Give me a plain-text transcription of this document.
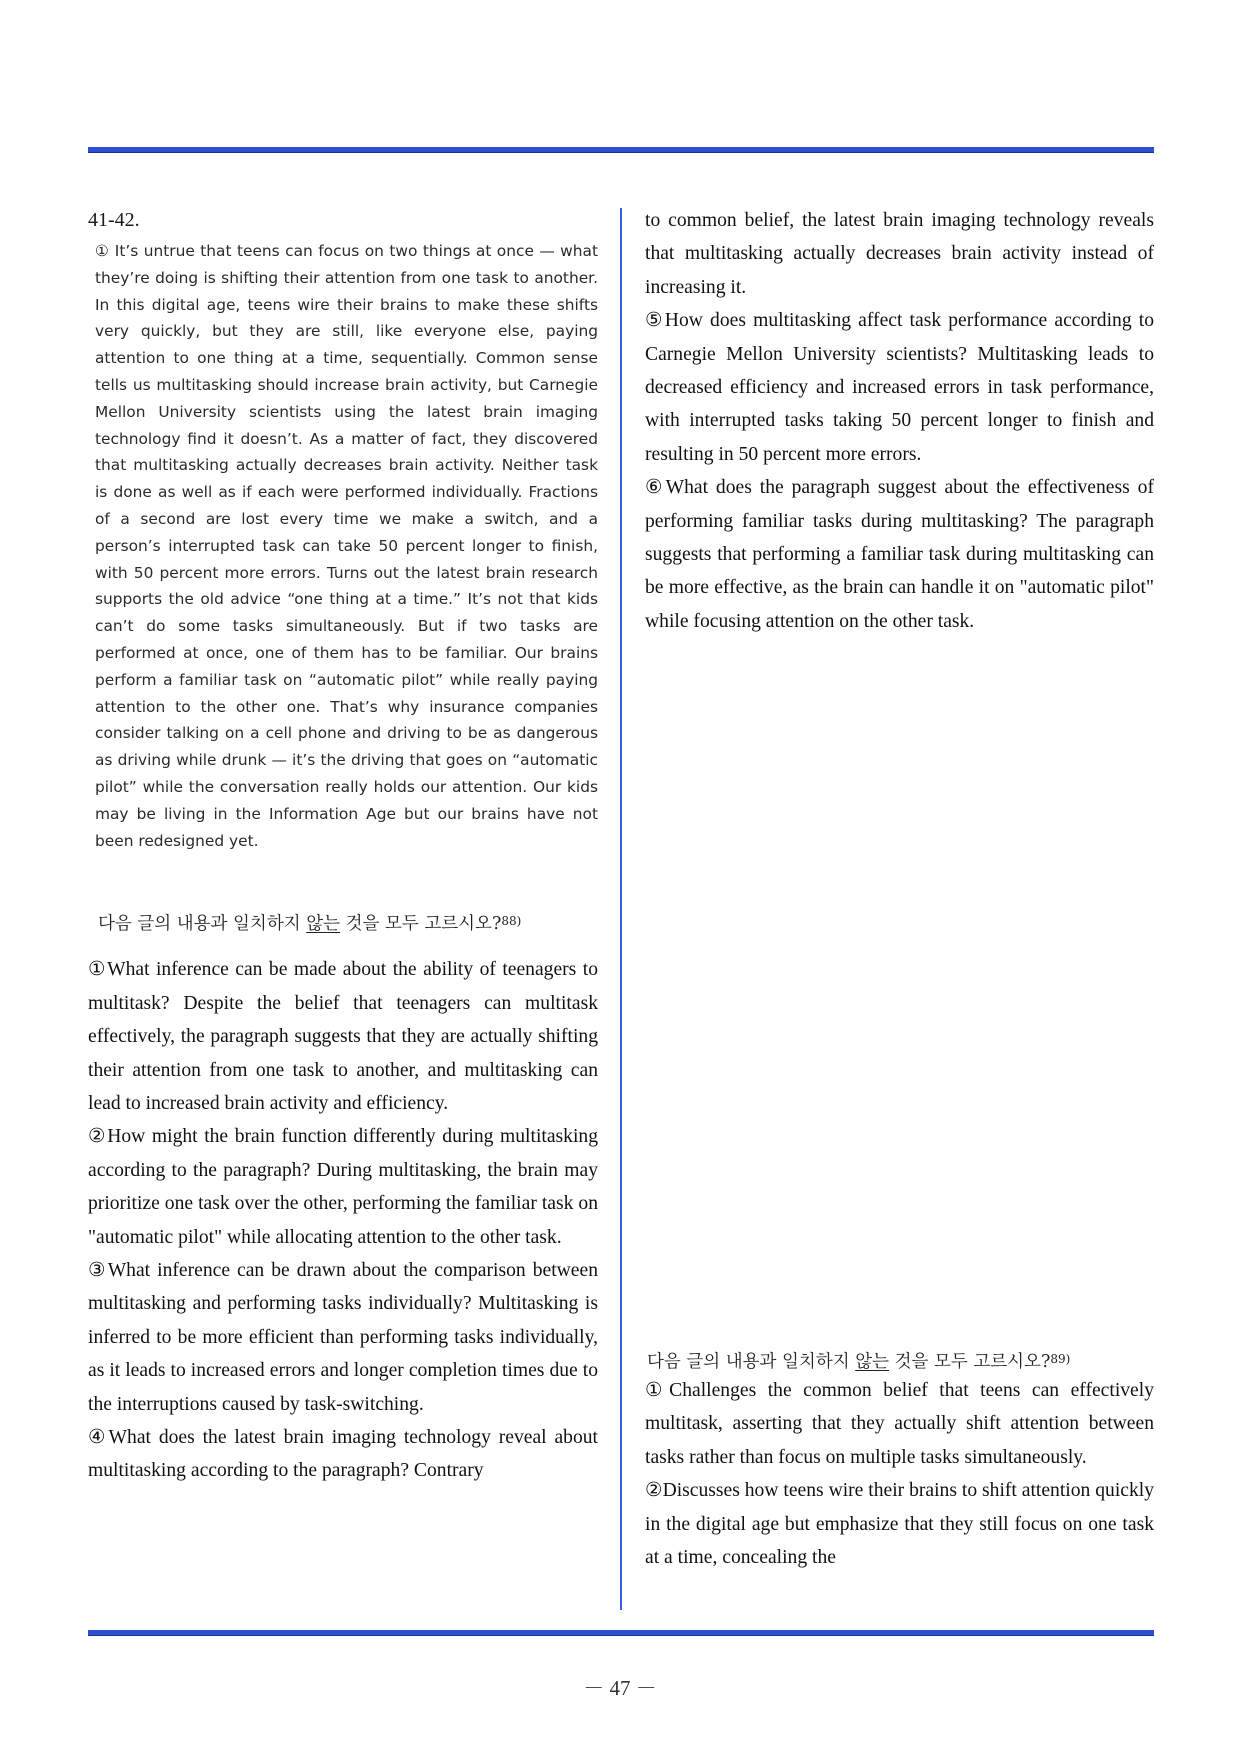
41-42.

① It’s untrue that teens can focus on two things at once — what they’re doing is shifting their attention from one task to another. In this digital age, teens wire their brains to make these shifts very quickly, but they are still, like everyone else, paying attention to one thing at a time, sequentially. Common sense tells us multitasking should increase brain activity, but Carnegie Mellon University scientists using the latest brain imaging technology find it doesn’t. As a matter of fact, they discovered that multitasking actually decreases brain activity. Neither task is done as well as if each were performed individually. Fractions of a second are lost every time we make a switch, and a person’s interrupted task can take 50 percent longer to finish, with 50 percent more errors. Turns out the latest brain research supports the old advice “one thing at a time.” It’s not that kids can’t do some tasks simultaneously. But if two tasks are performed at once, one of them has to be familiar. Our brains perform a familiar task on “automatic pilot” while really paying attention to the other one. That’s why insurance companies consider talking on a cell phone and driving to be as dangerous as driving while drunk — it’s the driving that goes on “automatic pilot” while the conversation really holds our attention. Our kids may be living in the Information Age but our brains have not been redesigned yet.

다음 글의 내용과 일치하지 않는 것을 모두 고르시오?$^{88)}$

①What inference can be made about the ability of teenagers to multitask? Despite the belief that teenagers can multitask effectively, the paragraph suggests that they are actually shifting their attention from one task to another, and multitasking can lead to increased brain activity and efficiency.

②How might the brain function differently during multitasking according to the paragraph? During multitasking, the brain may prioritize one task over the other, performing the familiar task on "automatic pilot" while allocating attention to the other task.

③What inference can be drawn about the comparison between multitasking and performing tasks individually? Multitasking is inferred to be more efficient than performing tasks individually, as it leads to increased errors and longer completion times due to the interruptions caused by task-switching.

④What does the latest brain imaging technology reveal about multitasking according to the paragraph? Contrary

to common belief, the latest brain imaging technology reveals that multitasking actually decreases brain activity instead of increasing it.

⑤How does multitasking affect task performance according to Carnegie Mellon University scientists? Multitasking leads to decreased efficiency and increased errors in task performance, with interrupted tasks taking 50 percent longer to finish and resulting in 50 percent more errors.

⑥What does the paragraph suggest about the effectiveness of performing familiar tasks during multitasking? The paragraph suggests that performing a familiar task during multitasking can be more effective, as the brain can handle it on "automatic pilot" while focusing attention on the other task.

다음 글의 내용과 일치하지 않는 것을 모두 고르시오?$^{89)}$

①Challenges the common belief that teens can effectively multitask, asserting that they actually shift attention between tasks rather than focus on multiple tasks simultaneously.

②Discusses how teens wire their brains to shift attention quickly in the digital age but emphasize that they still focus on one task at a time, concealing the

－ 47 －
